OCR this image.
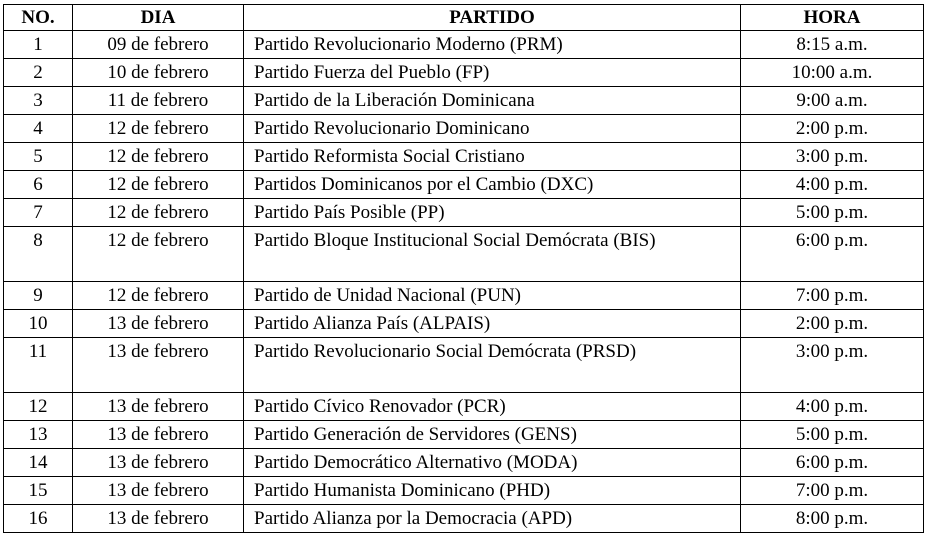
NO.	DIA	PARTIDO	HORA
1	09 de febrero	Partido Revolucionario Moderno (PRM)	8:15 a.m.
2	10 de febrero	Partido Fuerza del Pueblo (FP)	10:00 a.m.
3	11 de febrero	Partido de la Liberación Dominicana	9:00 a.m.
4	12 de febrero	Partido Revolucionario Dominicano	2:00 p.m.
5	12 de febrero	Partido Reformista Social Cristiano	3:00 p.m.
6	12 de febrero	Partidos Dominicanos por el Cambio (DXC)	4:00 p.m.
7	12 de febrero	Partido País Posible (PP)	5:00 p.m.
8	12 de febrero	Partido Bloque Institucional Social Demócrata (BIS)	6:00 p.m.
9	12 de febrero	Partido de Unidad Nacional (PUN)	7:00 p.m.
10	13 de febrero	Partido Alianza País (ALPAIS)	2:00 p.m.
11	13 de febrero	Partido Revolucionario Social Demócrata (PRSD)	3:00 p.m.
12	13 de febrero	Partido Cívico Renovador (PCR)	4:00 p.m.
13	13 de febrero	Partido Generación de Servidores (GENS)	5:00 p.m.
14	13 de febrero	Partido Democrático Alternativo (MODA)	6:00 p.m.
15	13 de febrero	Partido Humanista Dominicano (PHD)	7:00 p.m.
16	13 de febrero	Partido Alianza por la Democracia (APD)	8:00 p.m.
